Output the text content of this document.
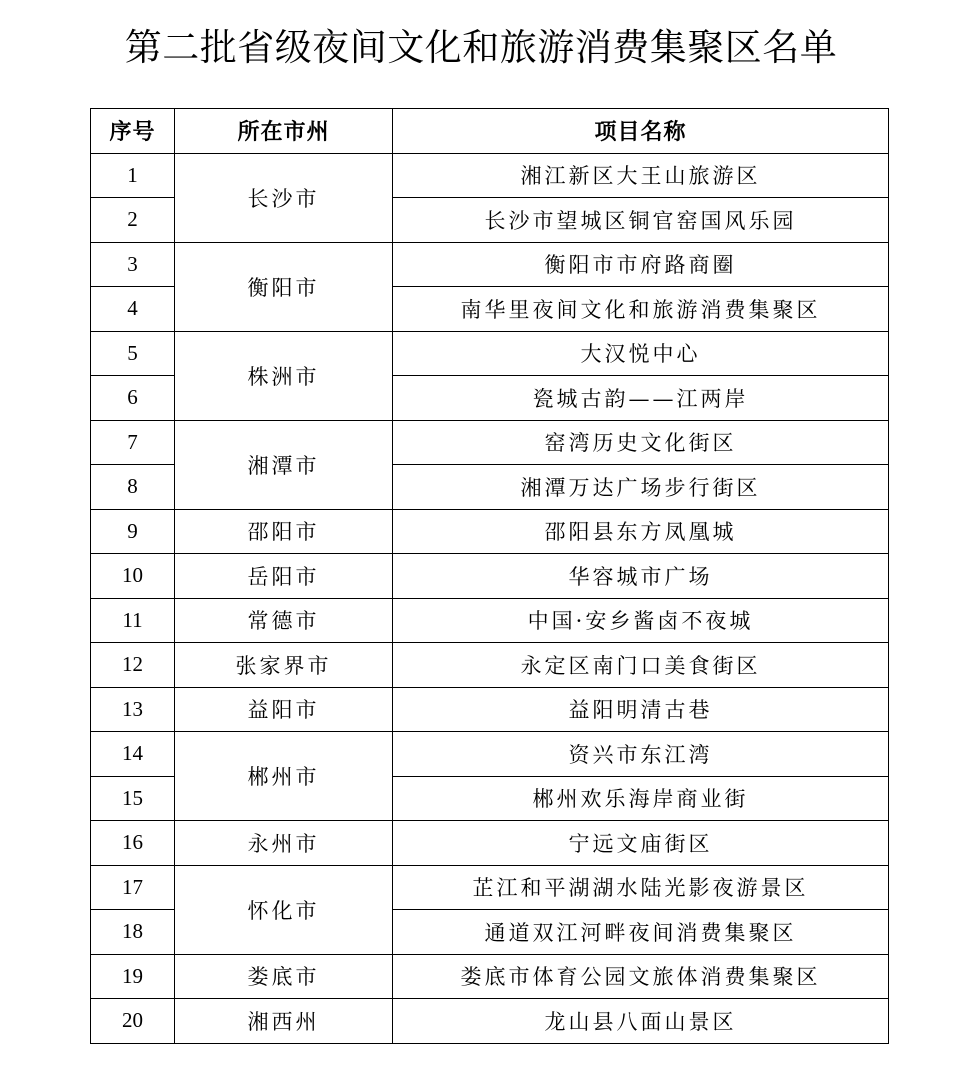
第二批省级夜间文化和旅游消费集聚区名单
序号	所在市州	项目名称
1	长沙市	湘江新区大王山旅游区
2		长沙市望城区铜官窑国风乐园
3	衡阳市	衡阳市市府路商圈
4		南华里夜间文化和旅游消费集聚区
5	株洲市	大汉悦中心
6		瓷城古韵——江两岸
7	湘潭市	窑湾历史文化街区
8		湘潭万达广场步行街区
9	邵阳市	邵阳县东方凤凰城
10	岳阳市	华容城市广场
11	常德市	中国·安乡酱卤不夜城
12	张家界市	永定区南门口美食街区
13	益阳市	益阳明清古巷
14	郴州市	资兴市东江湾
15		郴州欢乐海岸商业街
16	永州市	宁远文庙街区
17	怀化市	芷江和平湖湖水陆光影夜游景区
18		通道双江河畔夜间消费集聚区
19	娄底市	娄底市体育公园文旅体消费集聚区
20	湘西州	龙山县八面山景区
